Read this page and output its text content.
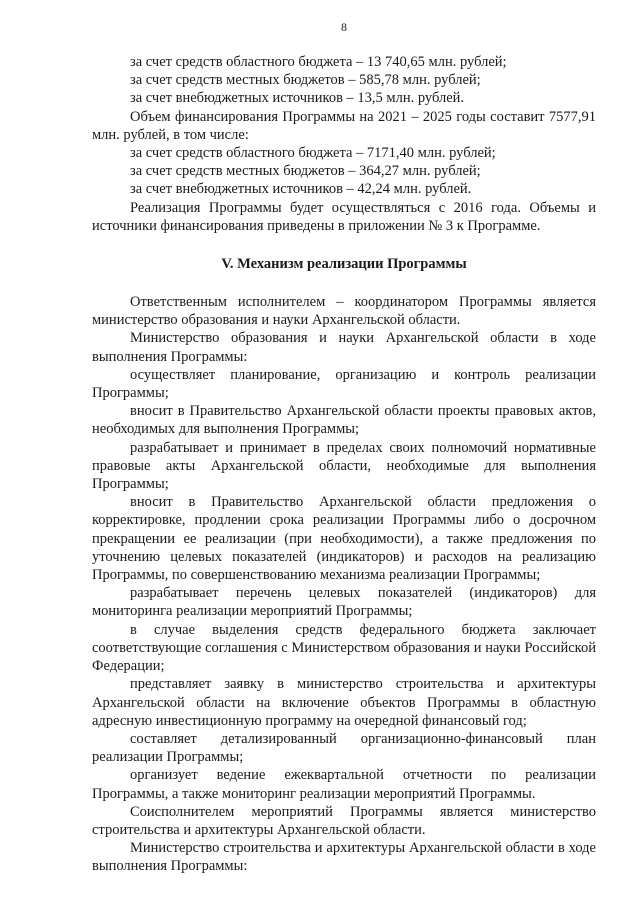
8

за счет средств областного бюджета – 13 740,65 млн. рублей;

за счет средств местных бюджетов – 585,78 млн. рублей;

за счет внебюджетных источников – 13,5 млн. рублей.

Объем финансирования Программы на 2021 – 2025 годы составит 7577,91 млн. рублей, в том числе:

за счет средств областного бюджета – 7171,40 млн. рублей;

за счет средств местных бюджетов – 364,27 млн. рублей;

за счет внебюджетных источников – 42,24 млн. рублей.

Реализация Программы будет осуществляться с 2016 года. Объемы и источники финансирования приведены в приложении № 3 к Программе.

V. Механизм реализации Программы

Ответственным исполнителем – координатором Программы является министерство образования и науки Архангельской области.

Министерство образования и науки Архангельской области в ходе выполнения Программы:

осуществляет планирование, организацию и контроль реализации Программы;

вносит в Правительство Архангельской области проекты правовых актов, необходимых для выполнения Программы;

разрабатывает и принимает в пределах своих полномочий нормативные правовые акты Архангельской области, необходимые для выполнения Программы;

вносит в Правительство Архангельской области предложения о корректировке, продлении срока реализации Программы либо о досрочном прекращении ее реализации (при необходимости), а также предложения по уточнению целевых показателей (индикаторов) и расходов на реализацию Программы, по совершенствованию механизма реализации Программы;

разрабатывает перечень целевых показателей (индикаторов) для мониторинга реализации мероприятий Программы;

в случае выделения средств федерального бюджета заключает соответствующие соглашения с Министерством образования и науки Российской Федерации;

представляет заявку в министерство строительства и архитектуры Архангельской области на включение объектов Программы в областную адресную инвестиционную программу на очередной финансовый год;

составляет детализированный организационно-финансовый план реализации Программы;

организует ведение ежеквартальной отчетности по реализации Программы, а также мониторинг реализации мероприятий Программы.

Соисполнителем мероприятий Программы является министерство строительства и архитектуры Архангельской области.

Министерство строительства и архитектуры Архангельской области в ходе выполнения Программы:
